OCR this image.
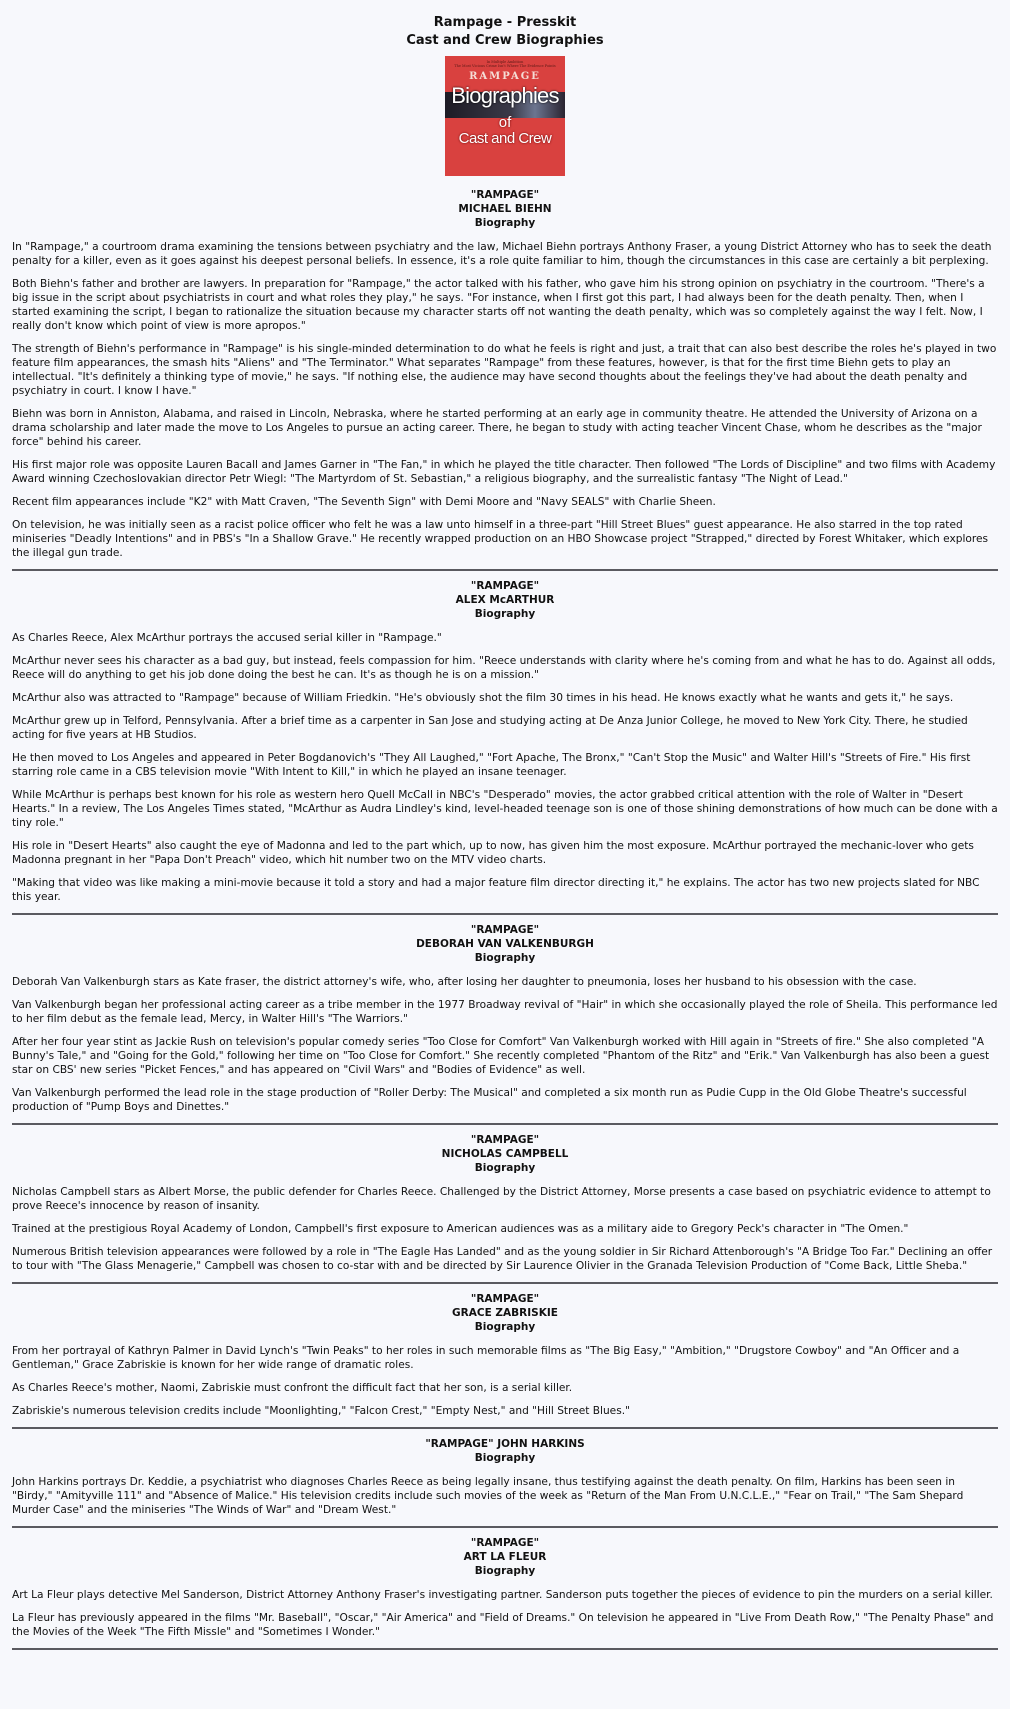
Rampage - Presskit
Cast and Crew Biographies
In Multiple Ambition
The Most Vicious Crime Isn't Where The Evidence Points
RAMPAGE
Biographies
of
Cast and Crew
"RAMPAGE"
MICHAEL BIEHN
Biography

In "Rampage," a courtroom drama examining the tensions between psychiatry and the law, Michael Biehn portrays Anthony Fraser, a young District Attorney who has to seek the death penalty for a killer, even as it goes against his deepest personal beliefs. In essence, it's a role quite familiar to him, though the circumstances in this case are certainly a bit perplexing.

Both Biehn's father and brother are lawyers. In preparation for "Rampage," the actor talked with his father, who gave him his strong opinion on psychiatry in the courtroom. "There's a big issue in the script about psychiatrists in court and what roles they play," he says. "For instance, when I first got this part, I had always been for the death penalty. Then, when I started examining the script, I began to rationalize the situation because my character starts off not wanting the death penalty, which was so completely against the way I felt. Now, I really don't know which point of view is more apropos."

The strength of Biehn's performance in "Rampage" is his single-minded determination to do what he feels is right and just, a trait that can also best describe the roles he's played in two feature film appearances, the smash hits "Aliens" and "The Terminator." What separates "Rampage" from these features, however, is that for the first time Biehn gets to play an intellectual. "It's definitely a thinking type of movie," he says. "If nothing else, the audience may have second thoughts about the feelings they've had about the death penalty and psychiatry in court. I know I have."

Biehn was born in Anniston, Alabama, and raised in Lincoln, Nebraska, where he started performing at an early age in community theatre. He attended the University of Arizona on a drama scholarship and later made the move to Los Angeles to pursue an acting career. There, he began to study with acting teacher Vincent Chase, whom he describes as the "major force" behind his career.

His first major role was opposite Lauren Bacall and James Garner in "The Fan," in which he played the title character. Then followed "The Lords of Discipline" and two films with Academy Award winning Czechoslovakian director Petr Wiegl: "The Martyrdom of St. Sebastian," a religious biography, and the surrealistic fantasy "The Night of Lead."

Recent film appearances include "K2" with Matt Craven, "The Seventh Sign" with Demi Moore and "Navy SEALS" with Charlie Sheen.

On television, he was initially seen as a racist police officer who felt he was a law unto himself in a three-part "Hill Street Blues" guest appearance. He also starred in the top rated miniseries "Deadly Intentions" and in PBS's "In a Shallow Grave." He recently wrapped production on an HBO Showcase project "Strapped," directed by Forest Whitaker, which explores the illegal gun trade.

"RAMPAGE"
ALEX McARTHUR
Biography

As Charles Reece, Alex McArthur portrays the accused serial killer in "Rampage."

McArthur never sees his character as a bad guy, but instead, feels compassion for him. "Reece understands with clarity where he's coming from and what he has to do. Against all odds, Reece will do anything to get his job done doing the best he can. It's as though he is on a mission."

McArthur also was attracted to "Rampage" because of William Friedkin. "He's obviously shot the film 30 times in his head. He knows exactly what he wants and gets it," he says.

McArthur grew up in Telford, Pennsylvania. After a brief time as a carpenter in San Jose and studying acting at De Anza Junior College, he moved to New York City. There, he studied acting for five years at HB Studios.

He then moved to Los Angeles and appeared in Peter Bogdanovich's "They All Laughed," "Fort Apache, The Bronx," "Can't Stop the Music" and Walter Hill's "Streets of Fire." His first starring role came in a CBS television movie "With Intent to Kill," in which he played an insane teenager.

While McArthur is perhaps best known for his role as western hero Quell McCall in NBC's "Desperado" movies, the actor grabbed critical attention with the role of Walter in "Desert Hearts." In a review, The Los Angeles Times stated, "McArthur as Audra Lindley's kind, level-headed teenage son is one of those shining demonstrations of how much can be done with a tiny role."

His role in "Desert Hearts" also caught the eye of Madonna and led to the part which, up to now, has given him the most exposure. McArthur portrayed the mechanic-lover who gets Madonna pregnant in her "Papa Don't Preach" video, which hit number two on the MTV video charts.

"Making that video was like making a mini-movie because it told a story and had a major feature film director directing it," he explains. The actor has two new projects slated for NBC this year.

"RAMPAGE"
DEBORAH VAN VALKENBURGH
Biography

Deborah Van Valkenburgh stars as Kate fraser, the district attorney's wife, who, after losing her daughter to pneumonia, loses her husband to his obsession with the case.

Van Valkenburgh began her professional acting career as a tribe member in the 1977 Broadway revival of "Hair" in which she occasionally played the role of Sheila. This performance led to her film debut as the female lead, Mercy, in Walter Hill's "The Warriors."

After her four year stint as Jackie Rush on television's popular comedy series "Too Close for Comfort" Van Valkenburgh worked with Hill again in "Streets of fire." She also completed "A Bunny's Tale," and "Going for the Gold," following her time on "Too Close for Comfort." She recently completed "Phantom of the Ritz" and "Erik." Van Valkenburgh has also been a guest star on CBS' new series "Picket Fences," and has appeared on "Civil Wars" and "Bodies of Evidence" as well.

Van Valkenburgh performed the lead role in the stage production of "Roller Derby: The Musical" and completed a six month run as Pudie Cupp in the Old Globe Theatre's successful production of "Pump Boys and Dinettes."

"RAMPAGE"
NICHOLAS CAMPBELL
Biography

Nicholas Campbell stars as Albert Morse, the public defender for Charles Reece. Challenged by the District Attorney, Morse presents a case based on psychiatric evidence to attempt to prove Reece's innocence by reason of insanity.

Trained at the prestigious Royal Academy of London, Campbell's first exposure to American audiences was as a military aide to Gregory Peck's character in "The Omen."

Numerous British television appearances were followed by a role in "The Eagle Has Landed" and as the young soldier in Sir Richard Attenborough's "A Bridge Too Far." Declining an offer to tour with "The Glass Menagerie," Campbell was chosen to co-star with and be directed by Sir Laurence Olivier in the Granada Television Production of "Come Back, Little Sheba."

"RAMPAGE"
GRACE ZABRISKIE
Biography

From her portrayal of Kathryn Palmer in David Lynch's "Twin Peaks" to her roles in such memorable films as "The Big Easy," "Ambition," "Drugstore Cowboy" and "An Officer and a Gentleman," Grace Zabriskie is known for her wide range of dramatic roles.

As Charles Reece's mother, Naomi, Zabriskie must confront the difficult fact that her son, is a serial killer.

Zabriskie's numerous television credits include "Moonlighting," "Falcon Crest," "Empty Nest," and "Hill Street Blues."

"RAMPAGE" JOHN HARKINS
Biography

John Harkins portrays Dr. Keddie, a psychiatrist who diagnoses Charles Reece as being legally insane, thus testifying against the death penalty. On film, Harkins has been seen in "Birdy," "Amityville 111" and "Absence of Malice." His television credits include such movies of the week as "Return of the Man From U.N.C.L.E.," "Fear on Trail," "The Sam Shepard Murder Case" and the miniseries "The Winds of War" and "Dream West."

"RAMPAGE"
ART LA FLEUR
Biography

Art La Fleur plays detective Mel Sanderson, District Attorney Anthony Fraser's investigating partner. Sanderson puts together the pieces of evidence to pin the murders on a serial killer.

La Fleur has previously appeared in the films "Mr. Baseball", "Oscar," "Air America" and "Field of Dreams." On television he appeared in "Live From Death Row," "The Penalty Phase" and the Movies of the Week "The Fifth Missle" and "Sometimes I Wonder."
